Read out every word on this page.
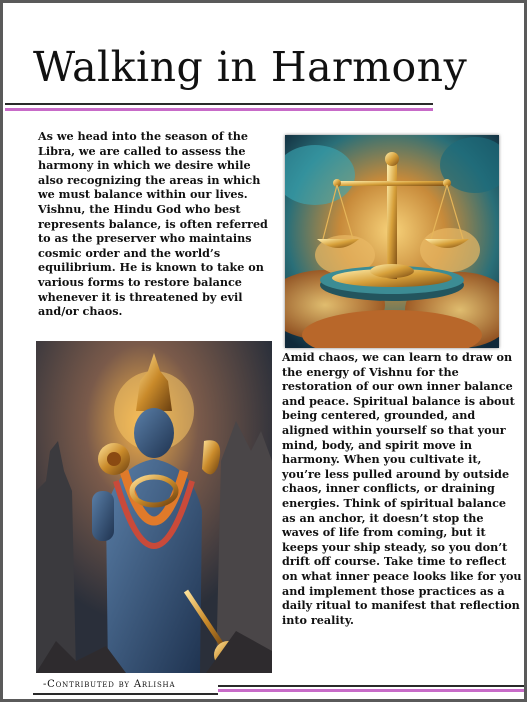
Walking in Harmony

As we head into the season of the Libra, we are called to assess the harmony in which we desire while also recognizing the areas in which we must balance within our lives. Vishnu, the Hindu God who best represents balance, is often referred to as the preserver who maintains cosmic order and the world’s equilibrium. He is known to take on various forms to restore balance whenever it is threatened by evil and/or chaos.

Amid chaos, we can learn to draw on the energy of Vishnu for the restoration of our own inner balance and peace. Spiritual balance is about being centered, grounded, and aligned within yourself so that your mind, body, and spirit move in harmony. When you cultivate it, you’re less pulled around by outside chaos, inner conflicts, or draining energies. Think of spiritual balance as an anchor, it doesn’t stop the waves of life from coming, but it keeps your ship steady, so you don’t drift off course. Take time to reflect on what inner peace looks like for you and implement those practices as a daily ritual to manifest that reflection into reality.

-Contributed by Arlisha
